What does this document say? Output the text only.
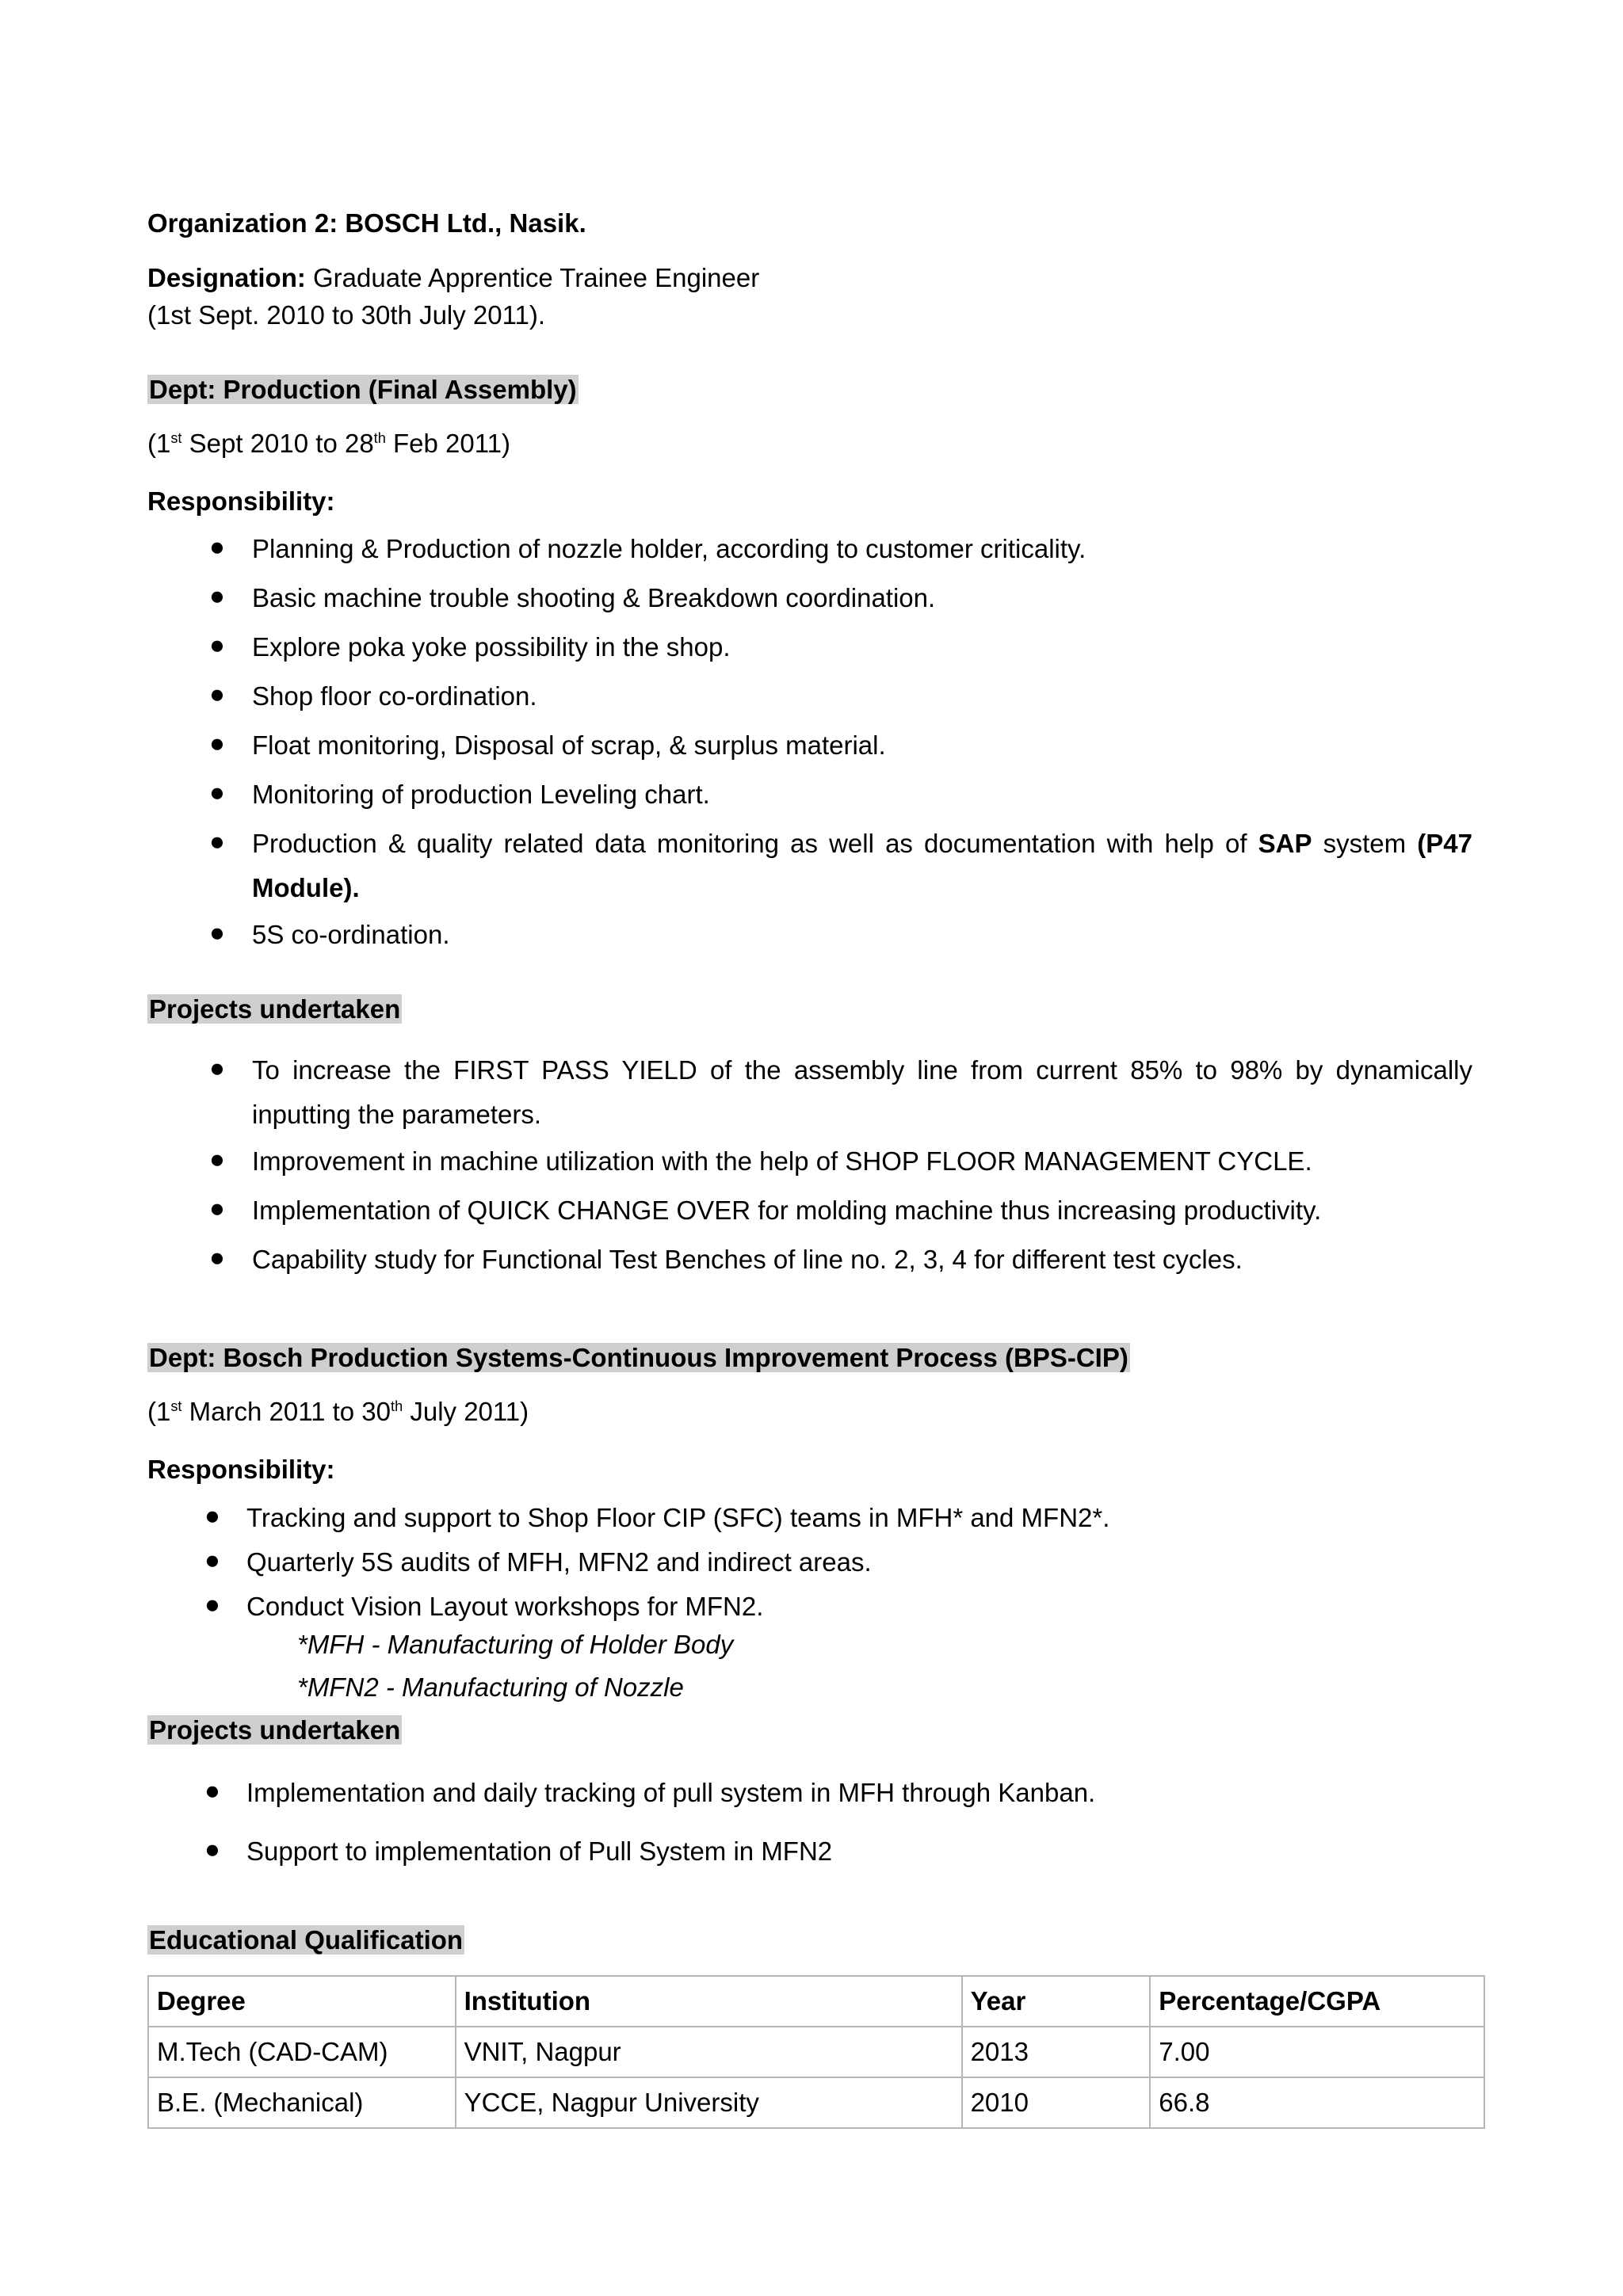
Organization 2: BOSCH Ltd., Nasik.
Designation: Graduate Apprentice Trainee Engineer
(1st Sept. 2010 to 30th July 2011).
Dept: Production (Final Assembly)
(1st Sept 2010 to 28th Feb 2011)
Responsibility:
● Planning & Production of nozzle holder, according to customer criticality.
● Basic machine trouble shooting & Breakdown coordination.
● Explore poka yoke possibility in the shop.
● Shop floor co-ordination.
● Float monitoring, Disposal of scrap, & surplus material.
● Monitoring of production Leveling chart.
● Production & quality related data monitoring as well as documentation with help of SAP system (P47 Module).
● 5S co-ordination.
Projects undertaken
● To increase the FIRST PASS YIELD of the assembly line from current 85% to 98% by dynamically inputting the parameters.
● Improvement in machine utilization with the help of SHOP FLOOR MANAGEMENT CYCLE.
● Implementation of QUICK CHANGE OVER for molding machine thus increasing productivity.
● Capability study for Functional Test Benches of line no. 2, 3, 4 for different test cycles.
Dept: Bosch Production Systems-Continuous Improvement Process (BPS-CIP)
(1st March 2011 to 30th July 2011)
Responsibility:
● Tracking and support to Shop Floor CIP (SFC) teams in MFH* and MFN2*.
● Quarterly 5S audits of MFH, MFN2 and indirect areas.
● Conduct Vision Layout workshops for MFN2.
*MFH - Manufacturing of Holder Body
*MFN2 - Manufacturing of Nozzle
Projects undertaken
● Implementation and daily tracking of pull system in MFH through Kanban.
● Support to implementation of Pull System in MFN2
Educational Qualification
Degree	Institution	Year	Percentage/CGPA
M.Tech (CAD-CAM)	VNIT, Nagpur	2013	7.00
B.E. (Mechanical)	YCCE, Nagpur University	2010	66.8
